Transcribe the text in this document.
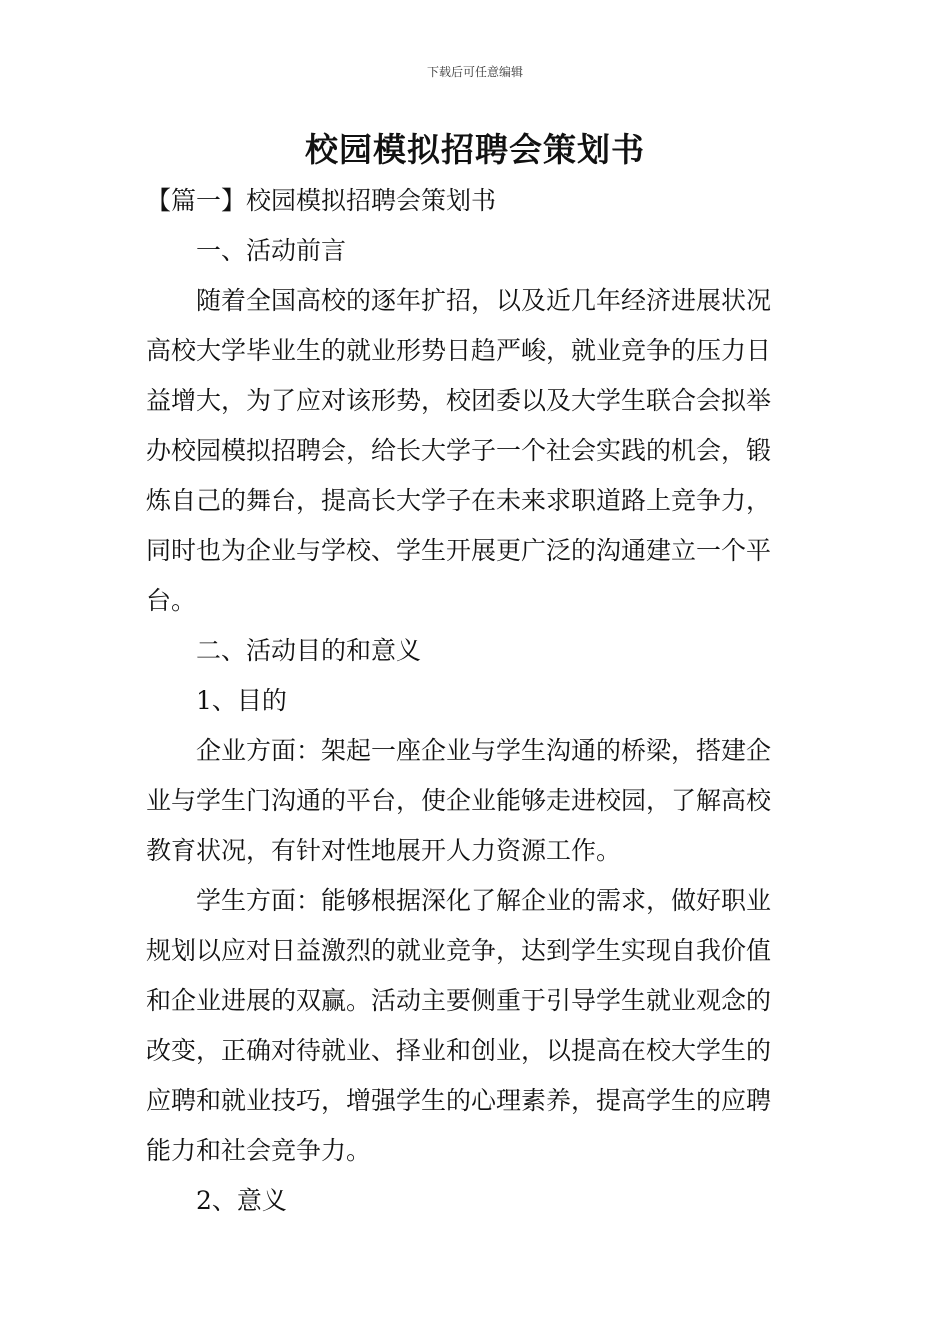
下载后可任意编辑
校园模拟招聘会策划书
【篇一】校园模拟招聘会策划书
一、活动前言
随着全国高校的逐年扩招，以及近几年经济进展状况
高校大学毕业生的就业形势日趋严峻，就业竞争的压力日
益增大，为了应对该形势，校团委以及大学生联合会拟举
办校园模拟招聘会，给长大学子一个社会实践的机会，锻
炼自己的舞台，提高长大学子在未来求职道路上竞争力，
同时也为企业与学校、学生开展更广泛的沟通建立一个平
台。
二、活动目的和意义
1、目的
企业方面：架起一座企业与学生沟通的桥梁，搭建企
业与学生门沟通的平台，使企业能够走进校园，了解高校
教育状况，有针对性地展开人力资源工作。
学生方面：能够根据深化了解企业的需求，做好职业
规划以应对日益激烈的就业竞争，达到学生实现自我价值
和企业进展的双赢。活动主要侧重于引导学生就业观念的
改变，正确对待就业、择业和创业，以提高在校大学生的
应聘和就业技巧，增强学生的心理素养，提高学生的应聘
能力和社会竞争力。
2、意义
